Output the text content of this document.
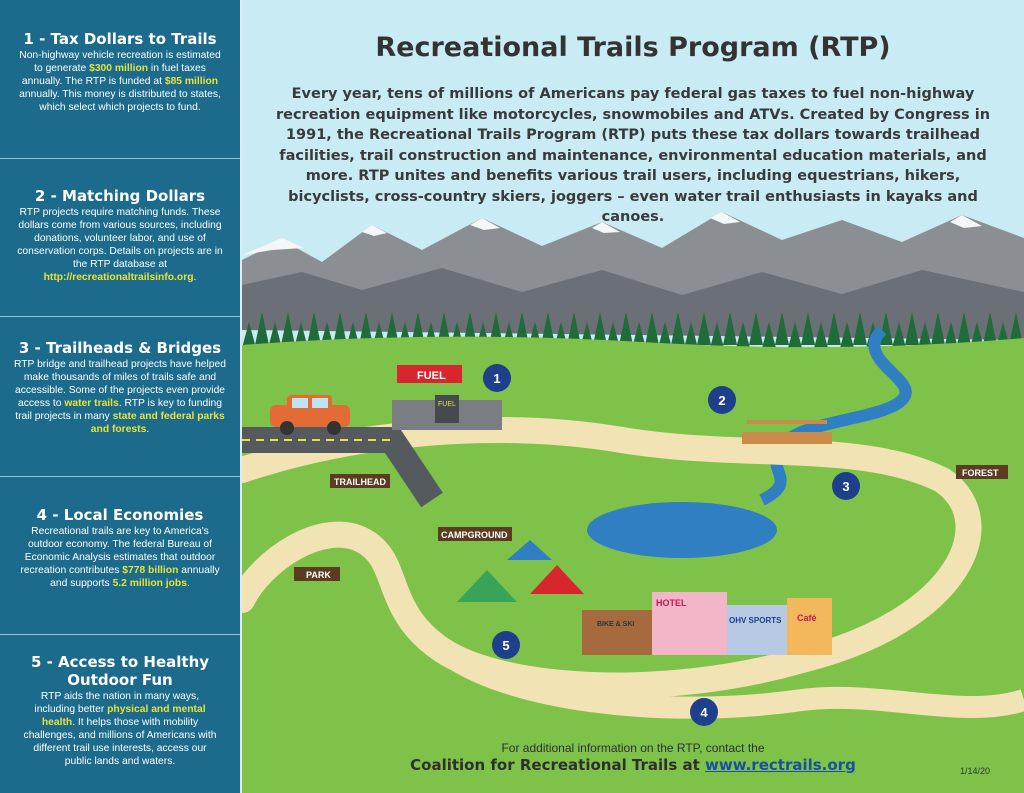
1 - Tax Dollars to Trails

Non-highway vehicle recreation is estimated to generate $300 million in fuel taxes annually. The RTP is funded at $85 million annually. This money is distributed to states, which select which projects to fund.

2 - Matching Dollars

RTP projects require matching funds. These dollars come from various sources, including donations, volunteer labor, and use of conservation corps. Details on projects are in the RTP database at http://recreationaltrailsinfo.org.

3 - Trailheads & Bridges

RTP bridge and trailhead projects have helped make thousands of miles of trails safe and accessible. Some of the projects even provide access to water trails. RTP is key to funding trail projects in many state and federal parks and forests.

4 - Local Economies

Recreational trails are key to America's outdoor economy. The federal Bureau of Economic Analysis estimates that outdoor recreation contributes $778 billion annually and supports 5.2 million jobs.

5 - Access to Healthy Outdoor Fun

RTP aids the nation in many ways, including better physical and mental health. It helps those with mobility challenges, and millions of Americans with different trail use interests, access our public lands and waters.

FUEL
FUEL
BIKE & SKI
HOTEL
OHV SPORTS Café
TRAILHEAD
CAMPGROUND
PARK
FOREST
1
2
3
4
5
Recreational Trails Program (RTP)
Every year, tens of millions of Americans pay federal gas taxes to fuel non-highway recreation equipment like motorcycles, snowmobiles and ATVs. Created by Congress in 1991, the Recreational Trails Program (RTP) puts these tax dollars towards trailhead facilities, trail construction and maintenance, environmental education materials, and more. RTP unites and benefits various trail users, including equestrians, hikers, bicyclists, cross-country skiers, joggers – even water trail enthusiasts in kayaks and canoes.
For additional information on the RTP, contact the
Coalition for Recreational Trails at www.rectrails.org	1/14/20
